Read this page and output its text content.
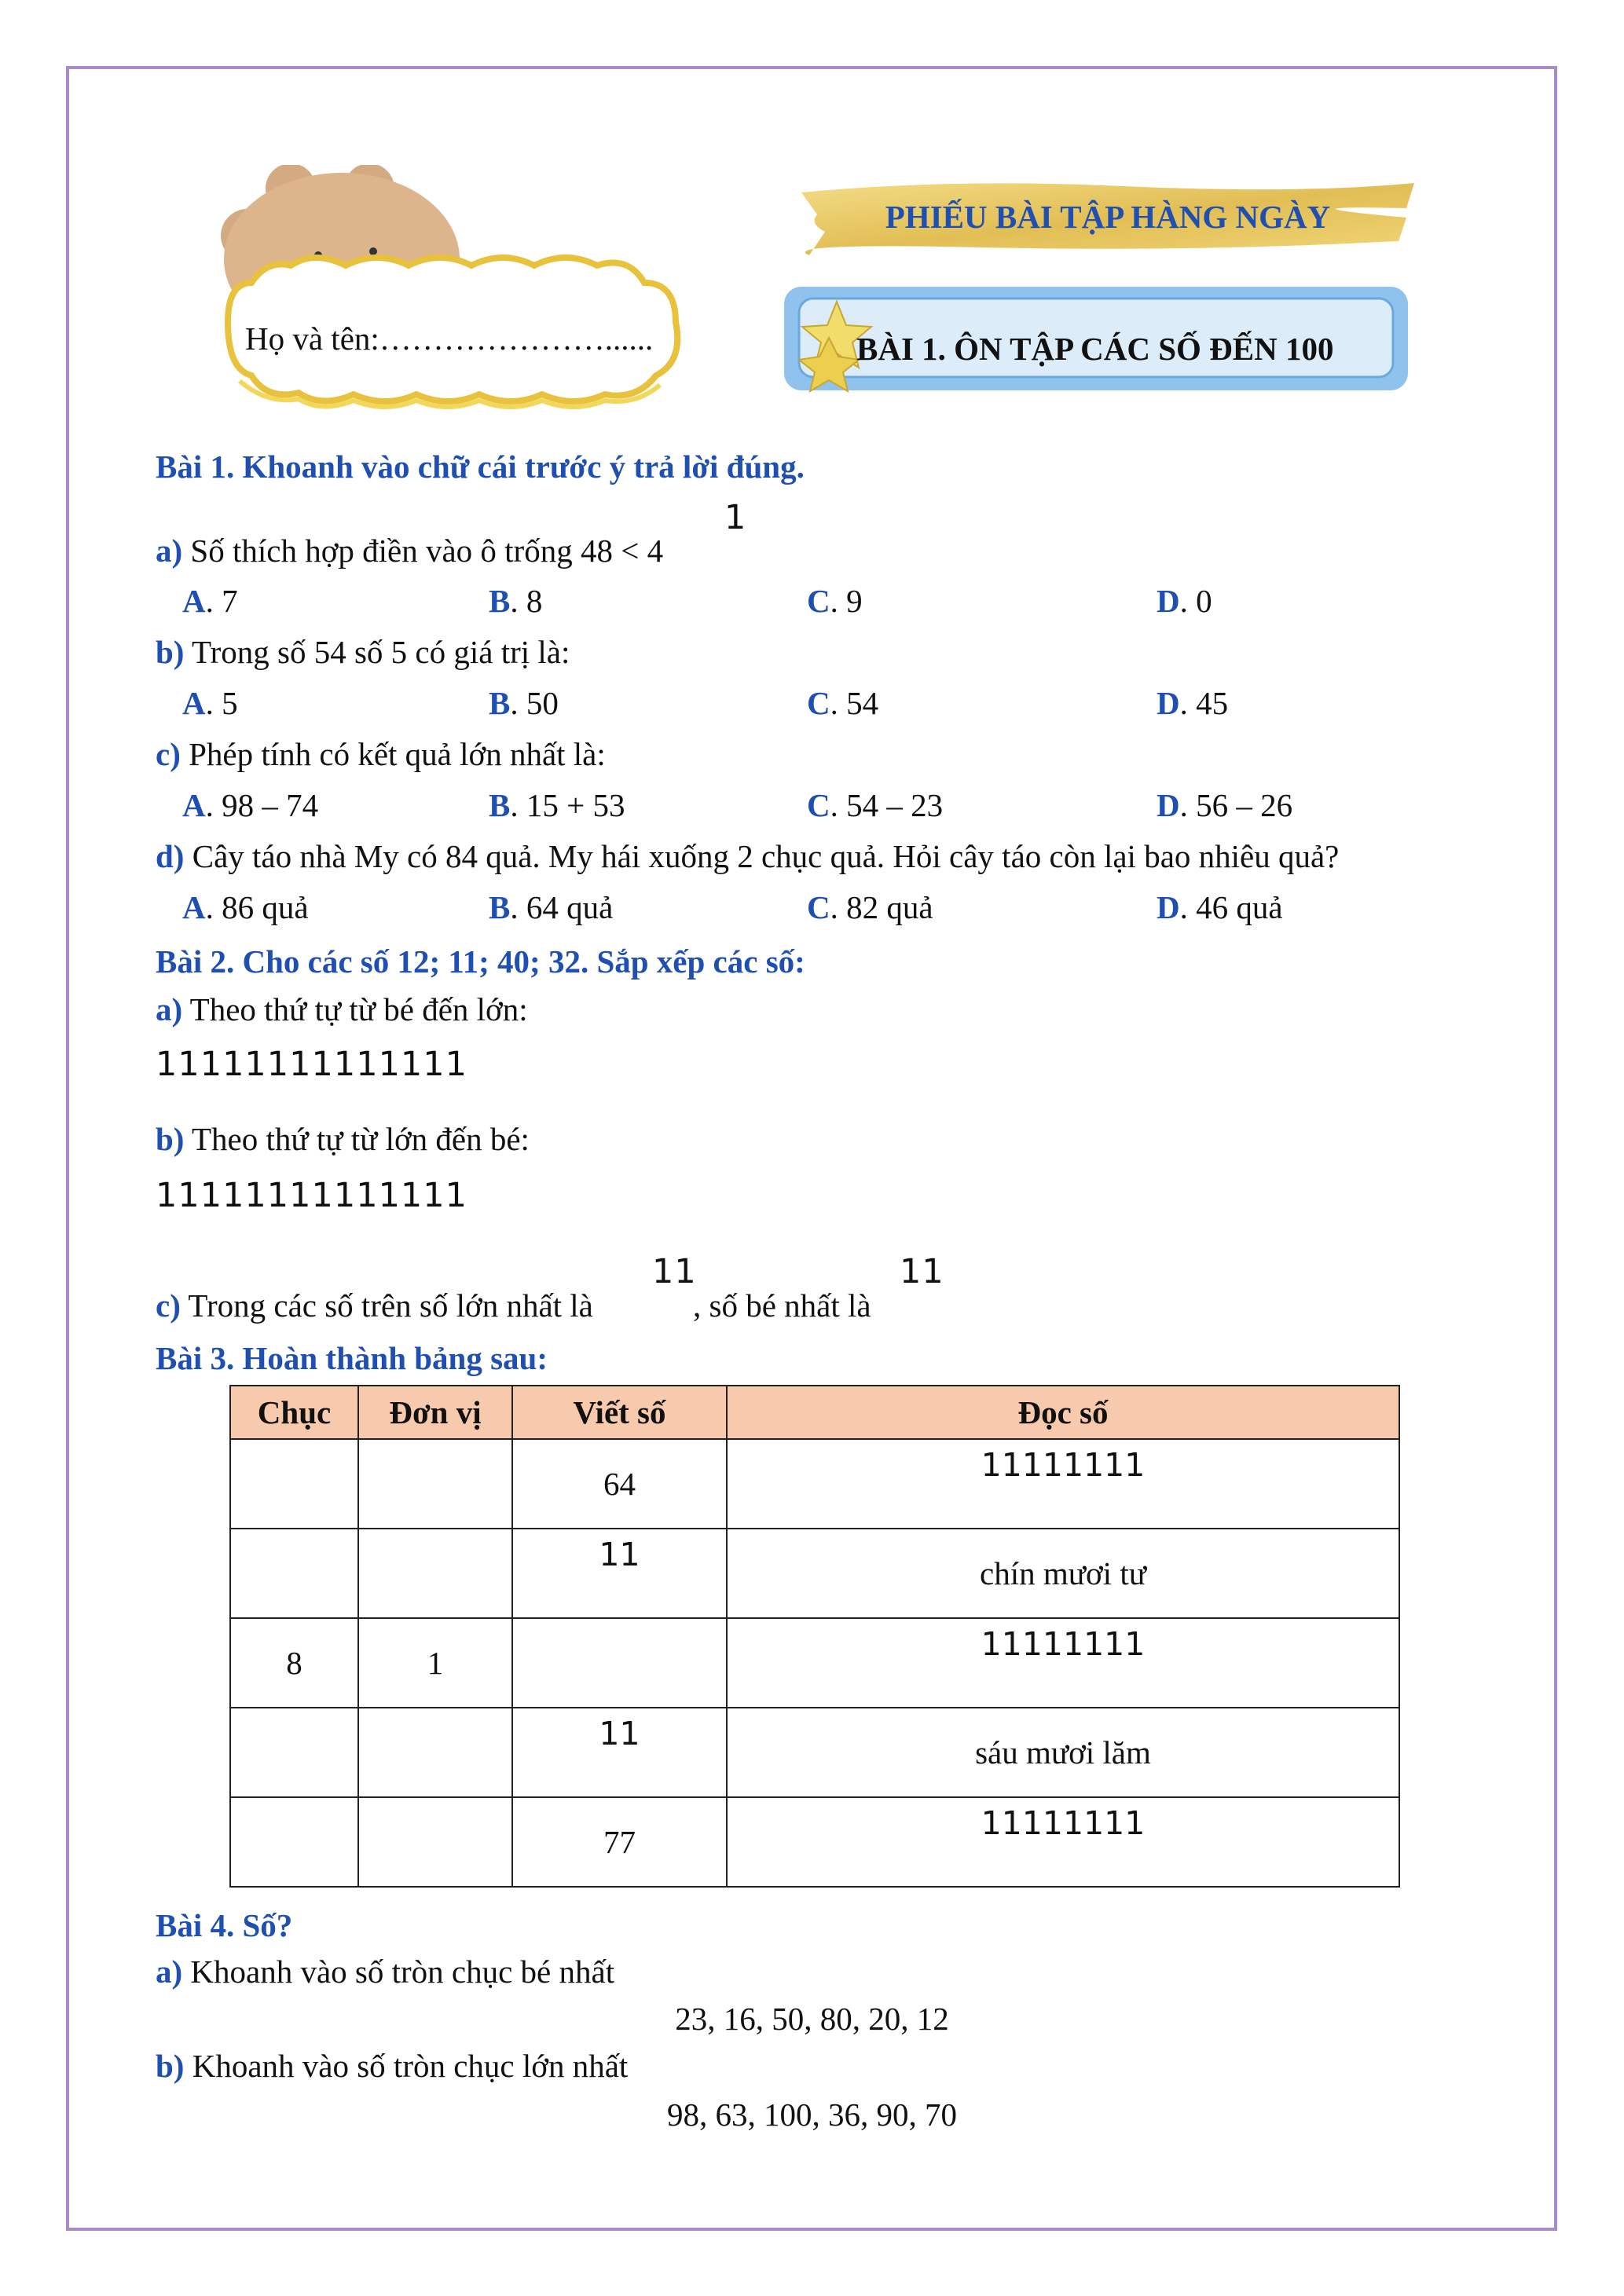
PHIẾU BÀI TẬP HÀNG NGÀY
BÀI 1. ÔN TẬP CÁC SỐ ĐẾN 100
Họ và tên:…………………......
Bài 1. Khoanh vào chữ cái trước ý trả lời đúng.
a) Số thích hợp điền vào ô trống 48 < 4
1
A. 7	B. 8	C. 9	D. 0
b) Trong số 54 số 5 có giá trị là:
A. 5	B. 50	C. 54	D. 45
c) Phép tính có kết quả lớn nhất là:
A. 98 – 74	B. 15 + 53	C. 54 – 23	D. 56 – 26
d) Cây táo nhà My có 84 quả. My hái xuống 2 chục quả. Hỏi cây táo còn lại bao nhiêu quả?
A. 86 quả	B. 64 quả	C. 82 quả	D. 46 quả
Bài 2. Cho các số 12; 11; 40; 32. Sắp xếp các số:
a) Theo thứ tự từ bé đến lớn:
11111111111111
b) Theo thứ tự từ lớn đến bé:
11111111111111
c) Trong các số trên số lớn nhất là
11
, số bé nhất là
11
Bài 3. Hoàn thành bảng sau:
Chục	Đơn vị	Viết số	Đọc số
		64	11111111
		11	chín mươi tư
8	1		11111111
		11	sáu mươi lăm
		77	11111111
Bài 4. Số?
a) Khoanh vào số tròn chục bé nhất
23, 16, 50, 80, 20, 12
b) Khoanh vào số tròn chục lớn nhất
98, 63, 100, 36, 90, 70
